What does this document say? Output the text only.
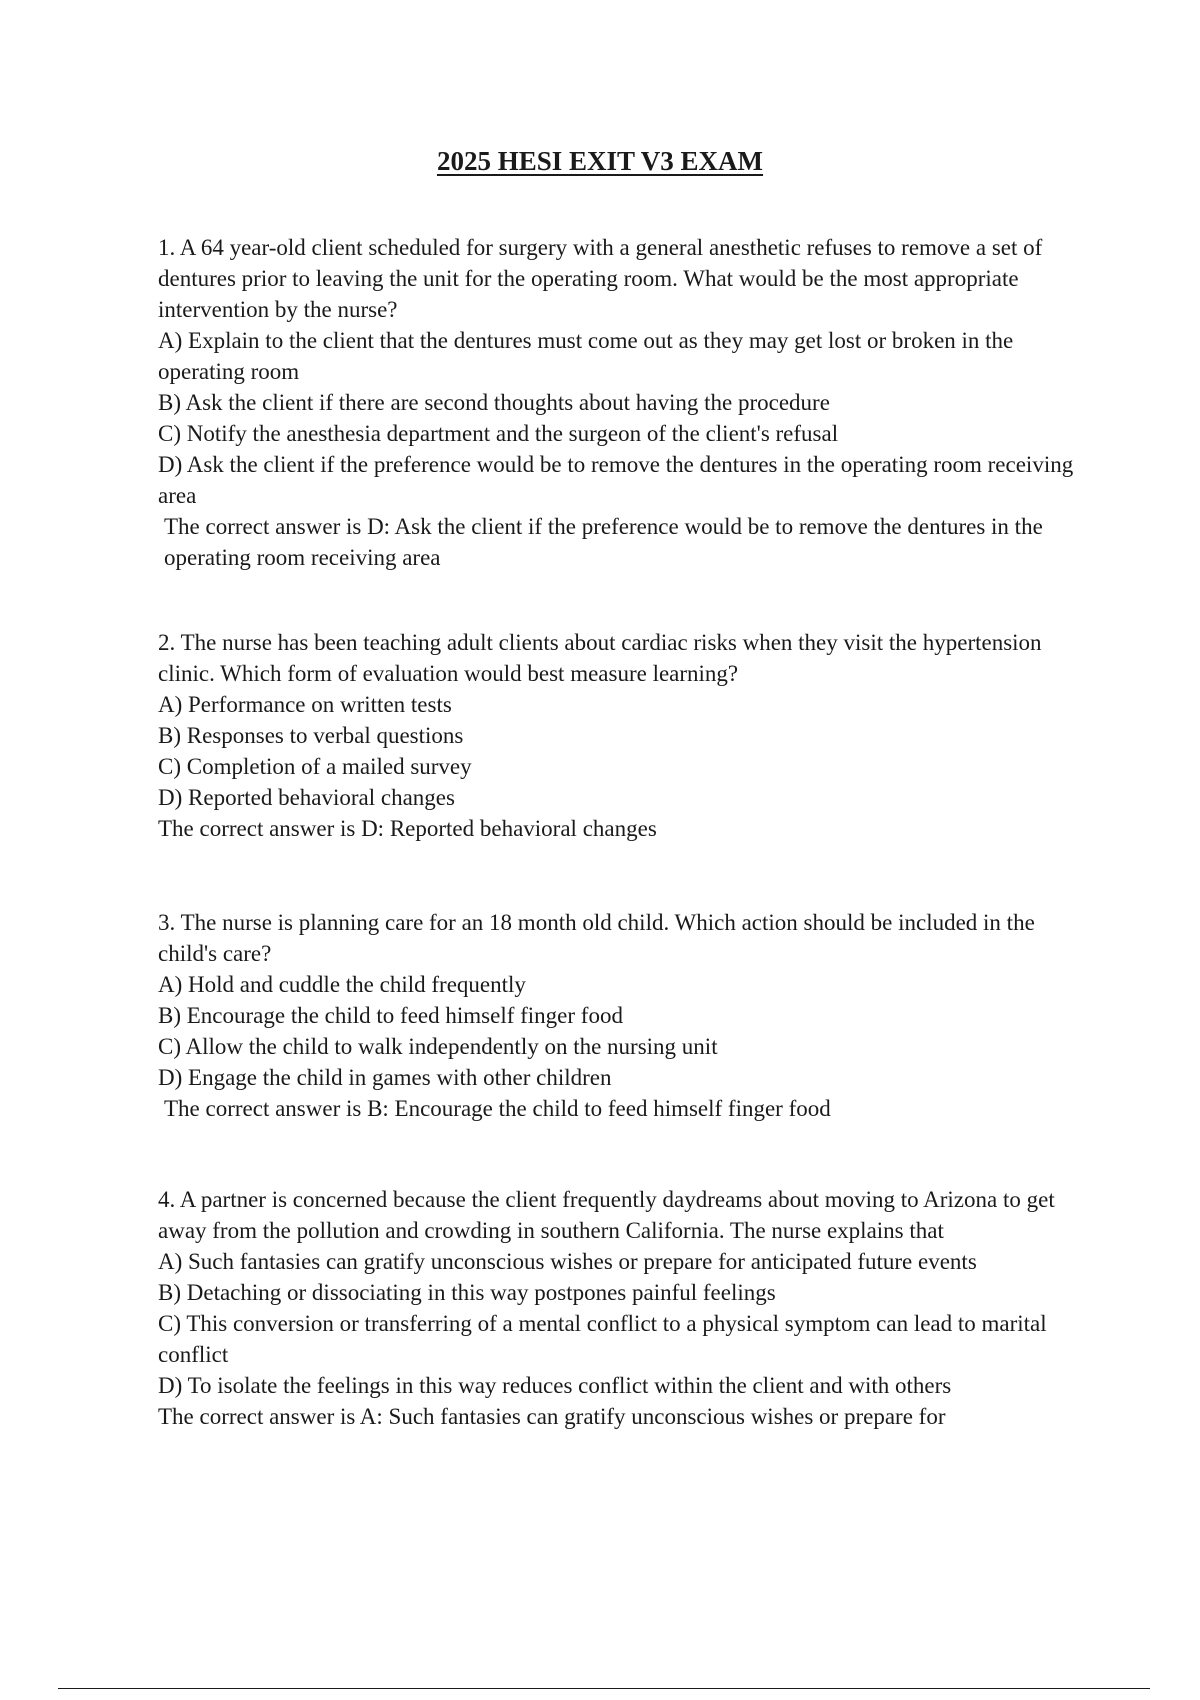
2025 HESI EXIT V3 EXAM

1. A 64 year-old client scheduled for surgery with a general anesthetic refuses to remove a set of dentures prior to leaving the unit for the operating room. What would be the most appropriate intervention by the nurse?

A) Explain to the client that the dentures must come out as they may get lost or broken in the operating room

B) Ask the client if there are second thoughts about having the procedure

C) Notify the anesthesia department and the surgeon of the client's refusal

D) Ask the client if the preference would be to remove the dentures in the operating room receiving area

The correct answer is D: Ask the client if the preference would be to remove the dentures in the operating room receiving area

2. The nurse has been teaching adult clients about cardiac risks when they visit the hypertension clinic. Which form of evaluation would best measure learning?

A) Performance on written tests

B) Responses to verbal questions

C) Completion of a mailed survey

D) Reported behavioral changes

The correct answer is D: Reported behavioral changes

3. The nurse is planning care for an 18 month old child. Which action should be included in the child's care?

A) Hold and cuddle the child frequently

B) Encourage the child to feed himself finger food

C) Allow the child to walk independently on the nursing unit

D) Engage the child in games with other children

The correct answer is B: Encourage the child to feed himself finger food

4. A partner is concerned because the client frequently daydreams about moving to Arizona to get away from the pollution and crowding in southern California. The nurse explains that

A) Such fantasies can gratify unconscious wishes or prepare for anticipated future events

B) Detaching or dissociating in this way postpones painful feelings

C) This conversion or transferring of a mental conflict to a physical symptom can lead to marital conflict

D) To isolate the feelings in this way reduces conflict within the client and with others

The correct answer is A: Such fantasies can gratify unconscious wishes or prepare for
